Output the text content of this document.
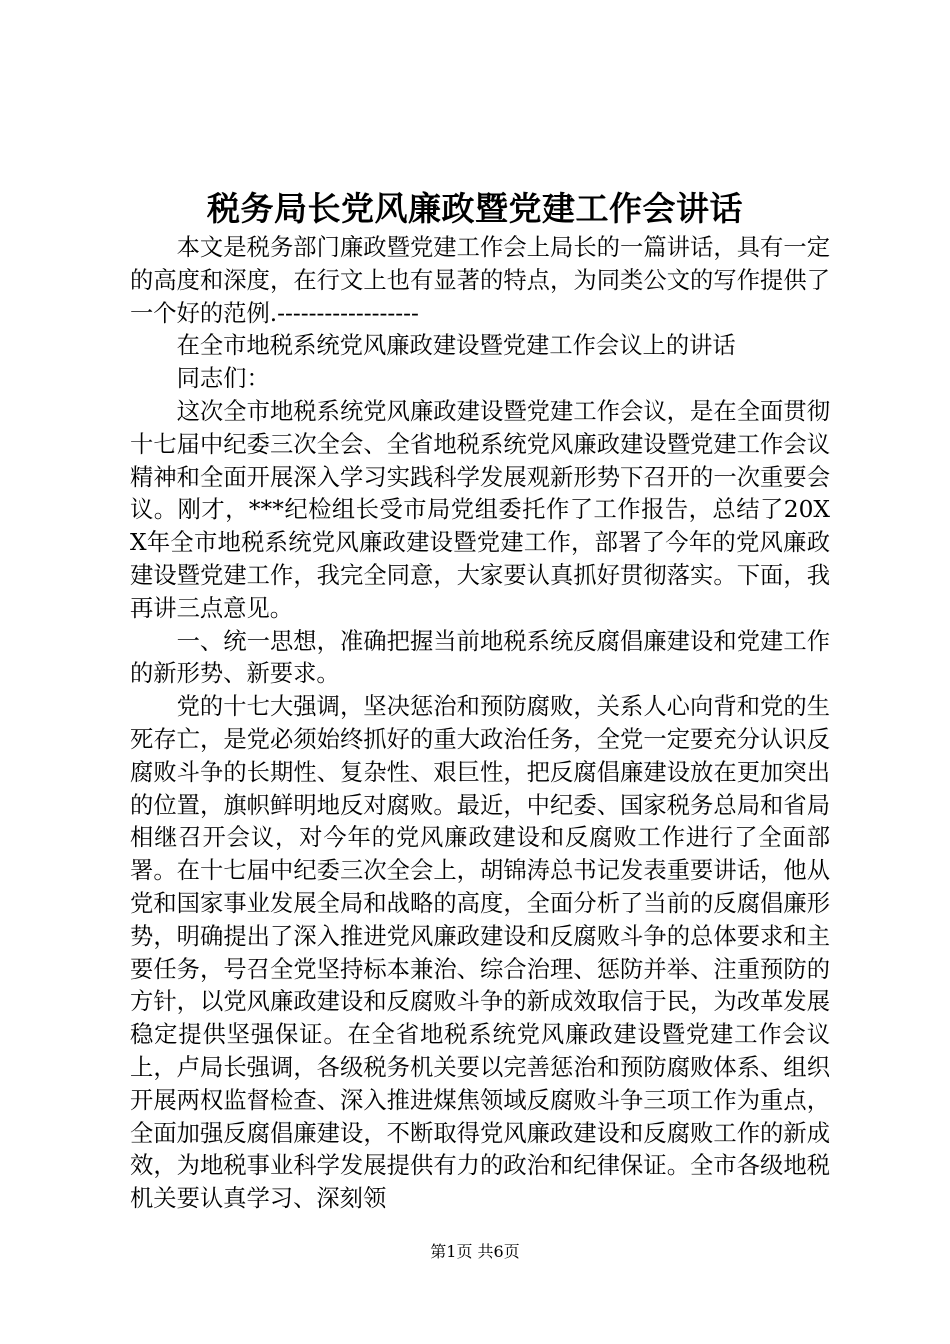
税务局长党风廉政暨党建工作会讲话

本文是税务部门廉政暨党建工作会上局长的一篇讲话，具有一定的高度和深度，在行文上也有显著的特点，为同类公文的写作提供了一个好的范例.------------------

在全市地税系统党风廉政建设暨党建工作会议上的讲话

同志们：

这次全市地税系统党风廉政建设暨党建工作会议，是在全面贯彻十七届中纪委三次全会、全省地税系统党风廉政建设暨党建工作会议精神和全面开展深入学习实践科学发展观新形势下召开的一次重要会议。刚才，***纪检组长受市局党组委托作了工作报告，总结了20XX年全市地税系统党风廉政建设暨党建工作，部署了今年的党风廉政建设暨党建工作，我完全同意，大家要认真抓好贯彻落实。下面，我再讲三点意见。

一、统一思想，准确把握当前地税系统反腐倡廉建设和党建工作的新形势、新要求。

党的十七大强调，坚决惩治和预防腐败，关系人心向背和党的生死存亡，是党必须始终抓好的重大政治任务，全党一定要充分认识反腐败斗争的长期性、复杂性、艰巨性，把反腐倡廉建设放在更加突出的位置，旗帜鲜明地反对腐败。最近，中纪委、国家税务总局和省局相继召开会议，对今年的党风廉政建设和反腐败工作进行了全面部署。在十七届中纪委三次全会上，胡锦涛总书记发表重要讲话，他从党和国家事业发展全局和战略的高度，全面分析了当前的反腐倡廉形势，明确提出了深入推进党风廉政建设和反腐败斗争的总体要求和主要任务，号召全党坚持标本兼治、综合治理、惩防并举、注重预防的方针，以党风廉政建设和反腐败斗争的新成效取信于民，为改革发展稳定提供坚强保证。在全省地税系统党风廉政建设暨党建工作会议上，卢局长强调，各级税务机关要以完善惩治和预防腐败体系、组织开展两权监督检查、深入推进煤焦领域反腐败斗争三项工作为重点，全面加强反腐倡廉建设，不断取得党风廉政建设和反腐败工作的新成效，为地税事业科学发展提供有力的政治和纪律保证。全市各级地税机关要认真学习、深刻领

第1页 共6页
